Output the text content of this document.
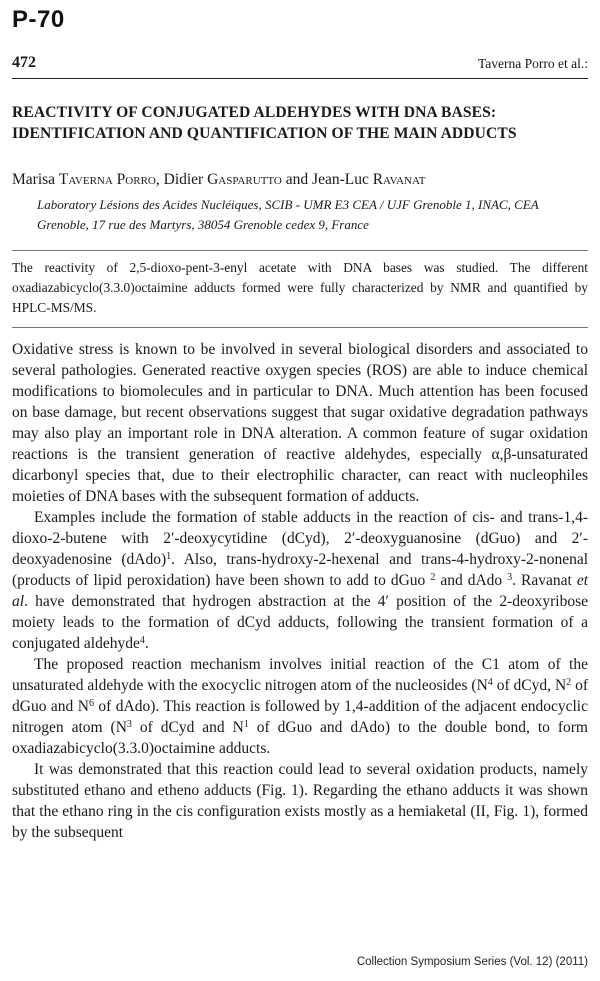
P-70
472	Taverna Porro et al.:
REACTIVITY OF CONJUGATED ALDEHYDES WITH DNA BASES: IDENTIFICATION AND QUANTIFICATION OF THE MAIN ADDUCTS
Marisa Taverna Porro, Didier Gasparutto and Jean-Luc Ravanat
Laboratory Lésions des Acides Nucléiques, SCIB - UMR E3 CEA / UJF Grenoble 1, INAC, CEA Grenoble, 17 rue des Martyrs, 38054 Grenoble cedex 9, France
The reactivity of 2,5-dioxo-pent-3-enyl acetate with DNA bases was studied. The different oxadiazabicyclo(3.3.0)octaimine adducts formed were fully characterized by NMR and quantified by HPLC-MS/MS.

Oxidative stress is known to be involved in several biological disorders and associated to several pathologies. Generated reactive oxygen species (ROS) are able to induce chemical modifications to biomolecules and in particular to DNA. Much attention has been focused on base damage, but recent observations suggest that sugar oxidative degradation pathways may also play an important role in DNA alteration. A common feature of sugar oxidation reactions is the transient generation of reactive aldehydes, especially α,β-unsaturated dicarbonyl species that, due to their electrophilic character, can react with nucleophiles moieties of DNA bases with the subsequent formation of adducts.

Examples include the formation of stable adducts in the reaction of cis- and trans-1,4-dioxo-2-butene with 2′-deoxycytidine (dCyd), 2′-deoxyguanosine (dGuo) and 2′-deoxyadenosine (dAdo)$^1$. Also, trans-hydroxy-2-hexenal and trans-4-hydroxy-2-nonenal (products of lipid peroxidation) have been shown to add to dGuo $^2$ and dAdo $^3$. Ravanat et al. have demonstrated that hydrogen abstraction at the 4′ position of the 2-deoxyribose moiety leads to the formation of dCyd adducts, following the transient formation of a conjugated aldehyde$^4$.

The proposed reaction mechanism involves initial reaction of the C1 atom of the unsaturated aldehyde with the exocyclic nitrogen atom of the nucleosides ($N^4$ of dCyd, $N^2$ of dGuo and $N^6$ of dAdo). This reaction is followed by 1,4-addition of the adjacent endocyclic nitrogen atom ($N^3$ of dCyd and $N^1$ of dGuo and dAdo) to the double bond, to form oxadiazabicyclo(3.3.0)octaimine adducts.

It was demonstrated that this reaction could lead to several oxidation products, namely substituted ethano and etheno adducts (Fig. 1). Regarding the ethano adducts it was shown that the ethano ring in the cis configuration exists mostly as a hemiaketal (II, Fig. 1), formed by the subsequent

Collection Symposium Series (Vol. 12) (2011)
